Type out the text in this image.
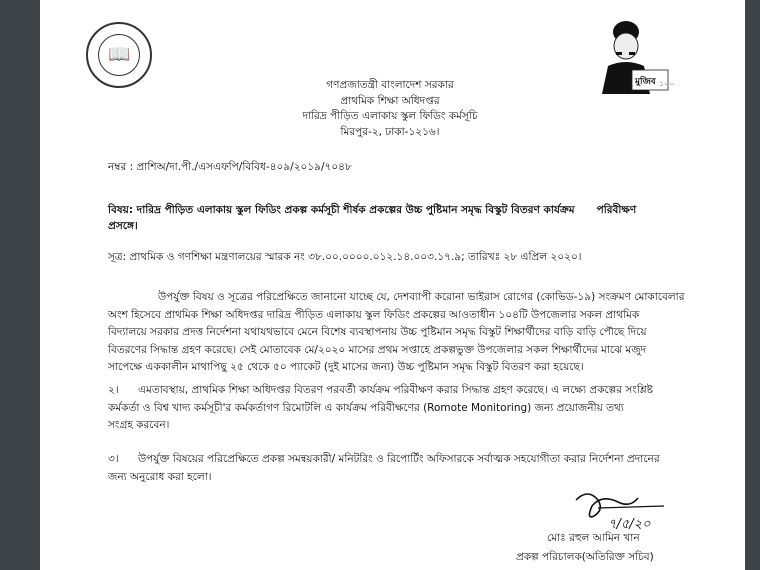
📖
মুজিব ১০০
গণপ্রজাতন্ত্রী বাংলাদেশ সরকার
প্রাথমিক শিক্ষা অধিদপ্তর
দারিদ্র পীড়িত এলাকায় স্কুল ফিডিং কর্মসূচি
মিরপুর-২, ঢাকা-১২১৬।
নম্বর : প্রাশিঅ/দা.পী./এসএফপি/বিবিধ-৪০৯/২০১৯/৭০৪৮
বিষয়: দারিদ্র পীড়িত এলাকায় স্কুল ফিডিং প্রকল্প কর্মসূচী শীর্ষক প্রকল্পের উচ্চ পুষ্টিমান সমৃদ্ধ বিস্কুট বিতরণ কার্যক্রম পরিবীক্ষণ
প্রসঙ্গে।
সূত্র: প্রাথমিক ও গণশিক্ষা মন্ত্রণালয়ের স্মারক নং ৩৮.০০.০০০০.০১২.১৪.০০৩.১৭.৯; তারিখঃ ২৮ এপ্রিল ২০২০।

উপর্যুক্ত বিষয় ও সূত্রের পরিপ্রেক্ষিতে জানানো যাচ্ছে যে, দেশব্যাপী করোনা ভাইরাস রোগের (কোভিড-১৯) সংক্রমণ মোকাবেলার

অংশ হিসেবে প্রাথমিক শিক্ষা অধিদপ্তর দারিদ্র পীড়িত এলাকায় স্কুল ফিডিং প্রকল্পের আওতাধীন ১০৪টি উপজেলার সকল প্রাথমিক

বিদ্যালয়ে সরকার প্রদত্ত নির্দেশনা যথাযথভাবে মেনে বিশেষ ব্যবস্থাপনায় উচ্চ পুষ্টিমান সমৃদ্ধ বিস্কুট শিক্ষার্থীদের বাড়ি বাড়ি পৌছে দিয়ে

বিতরণের সিদ্ধান্ত গ্রহণ করেছে। সেই মোতাবেক মে/২০২০ মাসের প্রথম সপ্তাহে প্রকল্পভুক্ত উপজেলার সকল শিক্ষার্থীদের মাঝে মজুদ

সাপেক্ষে এককালীন মাথাপিছু ২৫ থেকে ৫০ প্যাকেট (দুই মাসের জন্য) উচ্চ পুষ্টিমান সমৃদ্ধ বিস্কুট বিতরণ করা হয়েছে।

২। এমতাবস্থায়, প্রাথমিক শিক্ষা অধিদপ্তর বিতরণ পরবর্তী কার্যক্রম পরিবীক্ষণ করার সিদ্ধান্ত গ্রহণ করেছে। এ লক্ষ্যে প্রকল্পের সংশ্লিষ্ট

কর্মকর্তা ও বিশ্ব খাদ্য কর্মসূচী'র কর্মকর্তাগণ রিমোটলি এ কার্যক্রম পরিবীক্ষণের (Romote Monitoring) জন্য প্রয়োজনীয় তথ্য

সংগ্রহ করবেন।

৩। উপর্যুক্ত বিষয়ের পরিপ্রেক্ষিতে প্রকল্প সমন্বয়কারী/ মনিটরিং ও রিপোর্টিং অফিসারকে সর্বাত্মক সহযোগীতা করার নির্দেশনা প্রদানের

জন্য অনুরোধ করা হলো।

৭/৫/২০
মোঃ রহুল আমিন খান
প্রকল্প পরিচালক(অতিরিক্ত সচিব)
